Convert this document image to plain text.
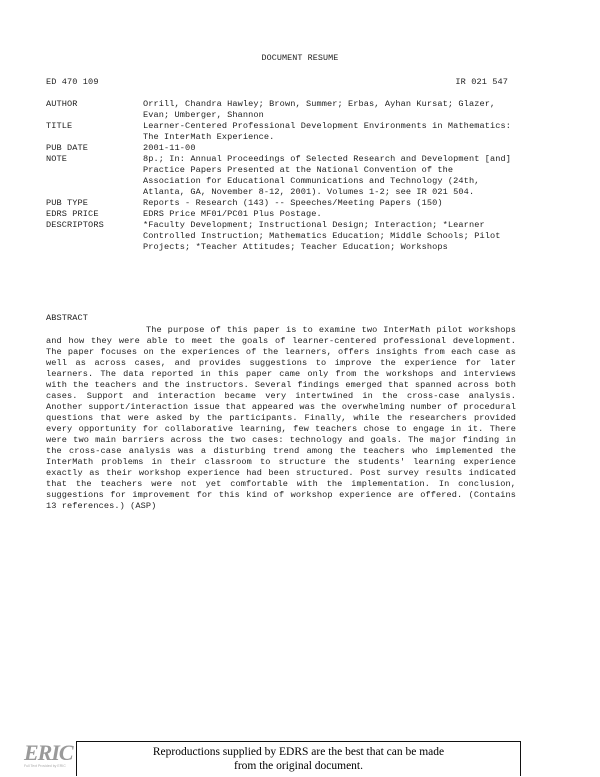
DOCUMENT RESUME
ED 470 109	IR 021 547
AUTHOR	Orrill, Chandra Hawley; Brown, Summer; Erbas, Ayhan Kursat; Glazer, Evan; Umberger, Shannon
TITLE	Learner-Centered Professional Development Environments in Mathematics: The InterMath Experience.
PUB DATE	2001-11-00
NOTE	8p.; In: Annual Proceedings of Selected Research and Development [and] Practice Papers Presented at the National Convention of the Association for Educational Communications and Technology (24th, Atlanta, GA, November 8-12, 2001). Volumes 1-2; see IR 021 504.
PUB TYPE	Reports - Research (143) -- Speeches/Meeting Papers (150)
EDRS PRICE	EDRS Price MF01/PC01 Plus Postage.
DESCRIPTORS	*Faculty Development; Instructional Design; Interaction; *Learner Controlled Instruction; Mathematics Education; Middle Schools; Pilot Projects; *Teacher Attitudes; Teacher Education; Workshops
ABSTRACT
The purpose of this paper is to examine two InterMath pilot workshops and how they were able to meet the goals of learner-centered professional development. The paper focuses on the experiences of the learners, offers insights from each case as well as across cases, and provides suggestions to improve the experience for later learners. The data reported in this paper came only from the workshops and interviews with the teachers and the instructors. Several findings emerged that spanned across both cases. Support and interaction became very intertwined in the cross-case analysis. Another support/interaction issue that appeared was the overwhelming number of procedural questions that were asked by the participants. Finally, while the researchers provided every opportunity for collaborative learning, few teachers chose to engage in it. There were two main barriers across the two cases: technology and goals. The major finding in the cross-case analysis was a disturbing trend among the teachers who implemented the InterMath problems in their classroom to structure the students' learning experience exactly as their workshop experience had been structured. Post survey results indicated that the teachers were not yet comfortable with the implementation. In conclusion, suggestions for improvement for this kind of workshop experience are offered. (Contains 13 references.) (ASP)
ERIC
Full Text Provided by ERIC
Reproductions supplied by EDRS are the best that can be made
from the original document.
